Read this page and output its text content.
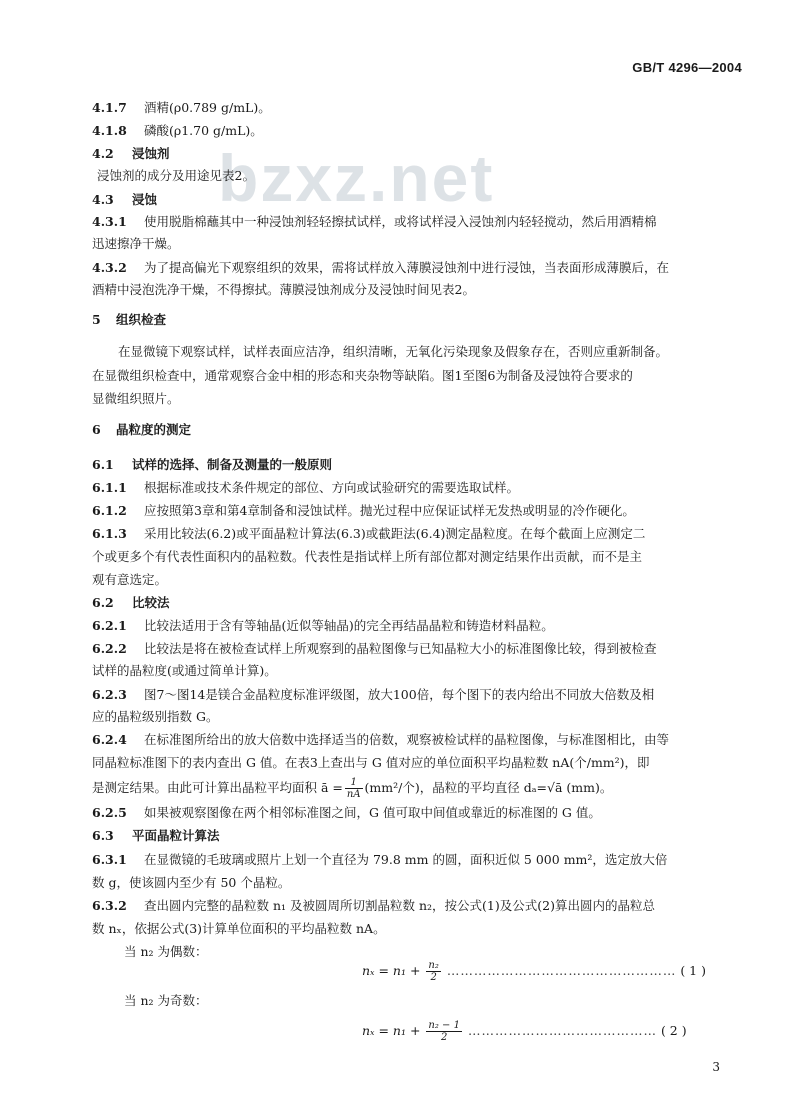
GB/T 4296—2004
bzxz.net
4.1.7 酒精(ρ0.789 g/mL)。
4.1.8 磷酸(ρ1.70 g/mL)。
4.2 浸蚀剂
浸蚀剂的成分及用途见表2。
4.3 浸蚀
4.3.1 使用脱脂棉蘸其中一种浸蚀剂轻轻擦拭试样，或将试样浸入浸蚀剂内轻轻搅动，然后用酒精棉
迅速擦净干燥。
4.3.2 为了提高偏光下观察组织的效果，需将试样放入薄膜浸蚀剂中进行浸蚀，当表面形成薄膜后，在
酒精中浸泡洗净干燥，不得擦拭。薄膜浸蚀剂成分及浸蚀时间见表2。
5 组织检查
在显微镜下观察试样，试样表面应洁净，组织清晰，无氧化污染现象及假象存在，否则应重新制备。
在显微组织检查中，通常观察合金中相的形态和夹杂物等缺陷。图1至图6为制备及浸蚀符合要求的
显微组织照片。
6 晶粒度的测定
6.1 试样的选择、制备及测量的一般原则
6.1.1 根据标准或技术条件规定的部位、方向或试验研究的需要选取试样。
6.1.2 应按照第3章和第4章制备和浸蚀试样。抛光过程中应保证试样无发热或明显的冷作硬化。
6.1.3 采用比较法(6.2)或平面晶粒计算法(6.3)或截距法(6.4)测定晶粒度。在每个截面上应测定二
个或更多个有代表性面积内的晶粒数。代表性是指试样上所有部位都对测定结果作出贡献，而不是主
观有意选定。
6.2 比较法
6.2.1 比较法适用于含有等轴晶(近似等轴晶)的完全再结晶晶粒和铸造材料晶粒。
6.2.2 比较法是将在被检查试样上所观察到的晶粒图像与已知晶粒大小的标准图像比较，得到被检查
试样的晶粒度(或通过简单计算)。
6.2.3 图7～图14是镁合金晶粒度标准评级图，放大100倍，每个图下的表内给出不同放大倍数及相
应的晶粒级别指数 G。
6.2.4 在标准图所给出的放大倍数中选择适当的倍数，观察被检试样的晶粒图像，与标准图相比，由等
同晶粒标准图下的表内查出 G 值。在表3上查出与 G 值对应的单位面积平均晶粒数 nA(个/mm²)，即
是测定结果。由此可计算出晶粒平均面积 ā = $\frac{1}{nA} (mm^2/$个)，晶粒的平均直径 dₐ=√ā (mm)。
6.2.5 如果被观察图像在两个相邻标准图之间，G 值可取中间值或靠近的标准图的 G 值。
6.3 平面晶粒计算法
6.3.1 在显微镜的毛玻璃或照片上划一个直径为 79.8 mm 的圆，面积近似 5 000 mm²，选定放大倍
数 g，使该圆内至少有 50 个晶粒。
6.3.2 查出圆内完整的晶粒数 n₁ 及被圆周所切割晶粒数 n₂，按公式(1)及公式(2)算出圆内的晶粒总
数 nₓ，依据公式(3)计算单位面积的平均晶粒数 nA。
当 n₂ 为偶数：
$n_x = n_1 + \frac{\text{n₂}}{2}$ …………………………………………… ( 1 )
当 n₂ 为奇数：
$n_x = n_1 + \frac{\text{n₂ − 1}}{2}$ …………………………………… ( 2 )
3
